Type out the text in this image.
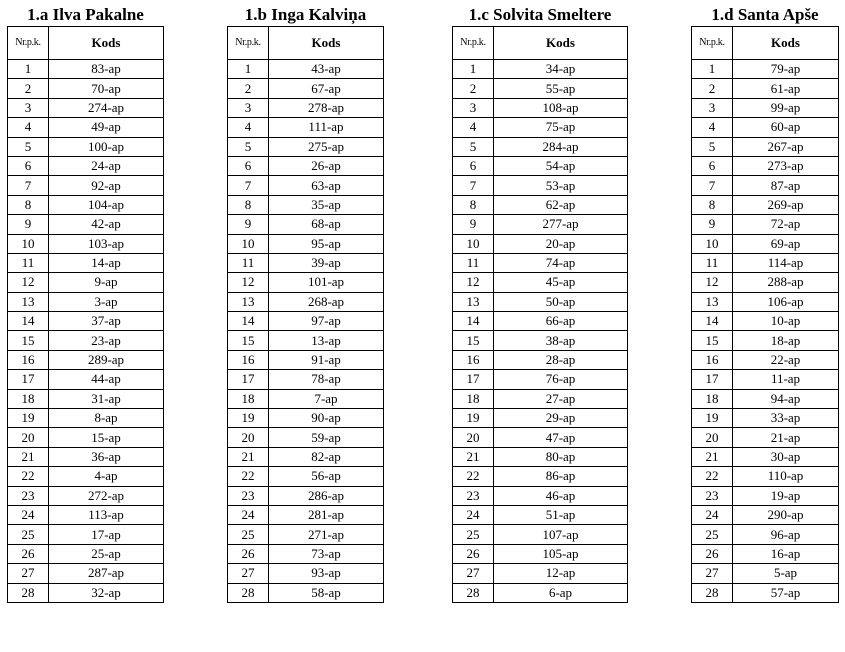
1.a Ilva Pakalne
Nr.p.k.	Kods
1	83-ap
2	70-ap
3	274-ap
4	49-ap
5	100-ap
6	24-ap
7	92-ap
8	104-ap
9	42-ap
10	103-ap
11	14-ap
12	9-ap
13	3-ap
14	37-ap
15	23-ap
16	289-ap
17	44-ap
18	31-ap
19	8-ap
20	15-ap
21	36-ap
22	4-ap
23	272-ap
24	113-ap
25	17-ap
26	25-ap
27	287-ap
28	32-ap
1.b Inga Kalviņa
Nr.p.k.	Kods
1	43-ap
2	67-ap
3	278-ap
4	111-ap
5	275-ap
6	26-ap
7	63-ap
8	35-ap
9	68-ap
10	95-ap
11	39-ap
12	101-ap
13	268-ap
14	97-ap
15	13-ap
16	91-ap
17	78-ap
18	7-ap
19	90-ap
20	59-ap
21	82-ap
22	56-ap
23	286-ap
24	281-ap
25	271-ap
26	73-ap
27	93-ap
28	58-ap
1.c Solvita Smeltere
Nr.p.k.	Kods
1	34-ap
2	55-ap
3	108-ap
4	75-ap
5	284-ap
6	54-ap
7	53-ap
8	62-ap
9	277-ap
10	20-ap
11	74-ap
12	45-ap
13	50-ap
14	66-ap
15	38-ap
16	28-ap
17	76-ap
18	27-ap
19	29-ap
20	47-ap
21	80-ap
22	86-ap
23	46-ap
24	51-ap
25	107-ap
26	105-ap
27	12-ap
28	6-ap
1.d Santa Apše
Nr.p.k.	Kods
1	79-ap
2	61-ap
3	99-ap
4	60-ap
5	267-ap
6	273-ap
7	87-ap
8	269-ap
9	72-ap
10	69-ap
11	114-ap
12	288-ap
13	106-ap
14	10-ap
15	18-ap
16	22-ap
17	11-ap
18	94-ap
19	33-ap
20	21-ap
21	30-ap
22	110-ap
23	19-ap
24	290-ap
25	96-ap
26	16-ap
27	5-ap
28	57-ap
